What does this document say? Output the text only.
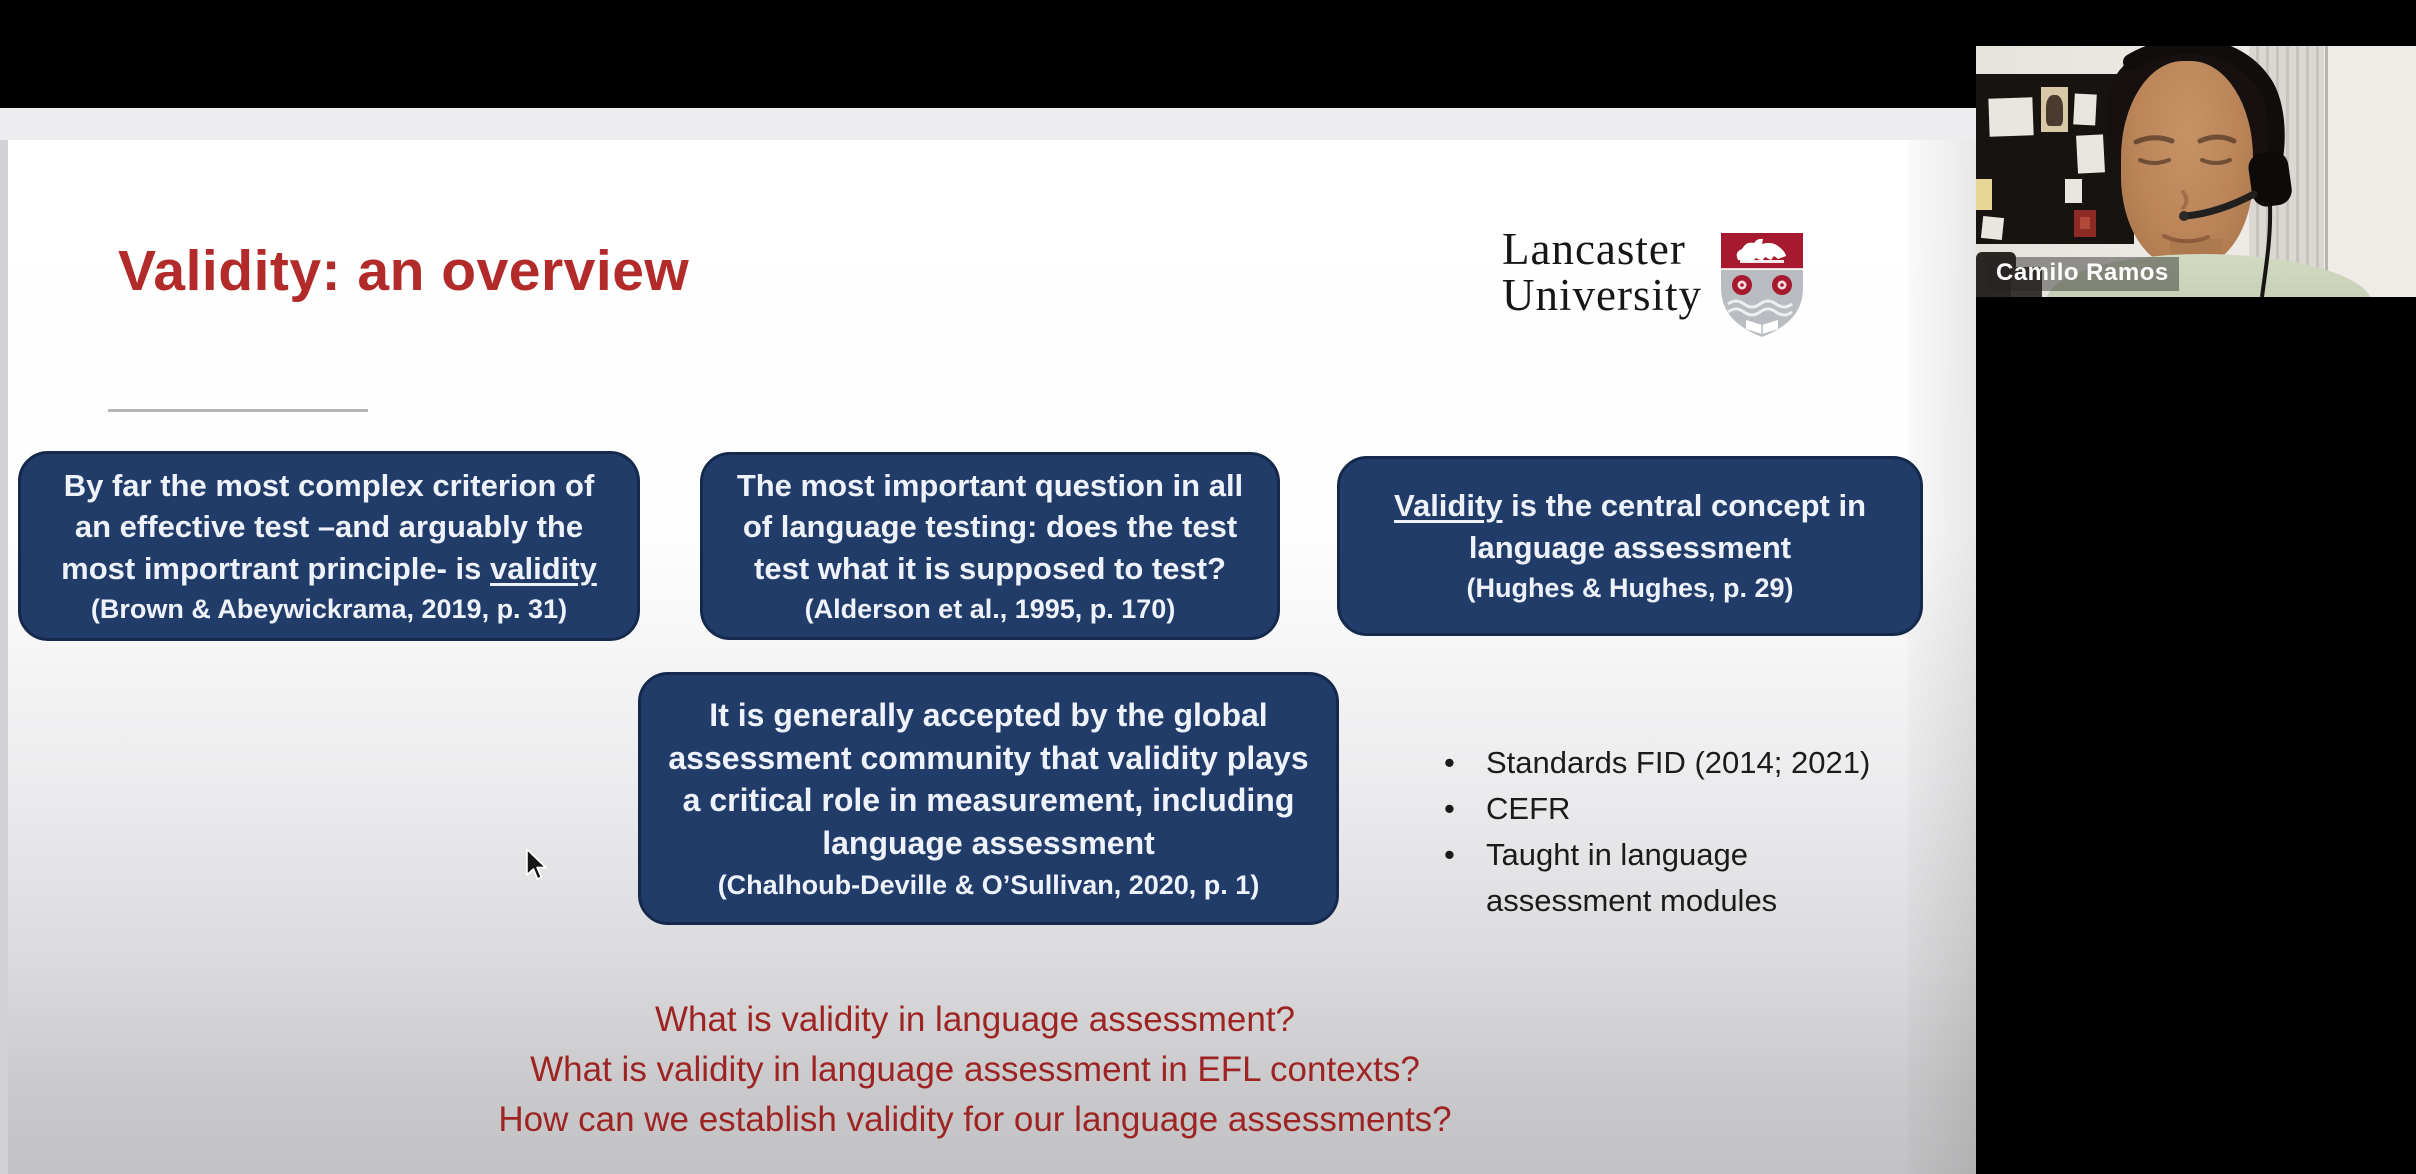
Validity: an overview	Lancaster
University
By far the most complex criterion of an effective test –and arguably the most importrant principle- is validity
(Brown & Abeywickrama, 2019, p. 31)
The most important question in all of language testing: does the test test what it is supposed to test?
(Alderson et al., 1995, p. 170)
Validity is the central concept in language assessment
(Hughes & Hughes, p. 29)
It is generally accepted by the global assessment community that validity plays a critical role in measurement, including language assessment
(Chalhoub-Deville & O’Sullivan, 2020, p. 1)
• Standards FID (2014; 2021)
• CEFR
• Taught in language assessment modules
What is validity in language assessment?
What is validity in language assessment in EFL contexts?
How can we establish validity for our language assessments?
Camilo Ramos
